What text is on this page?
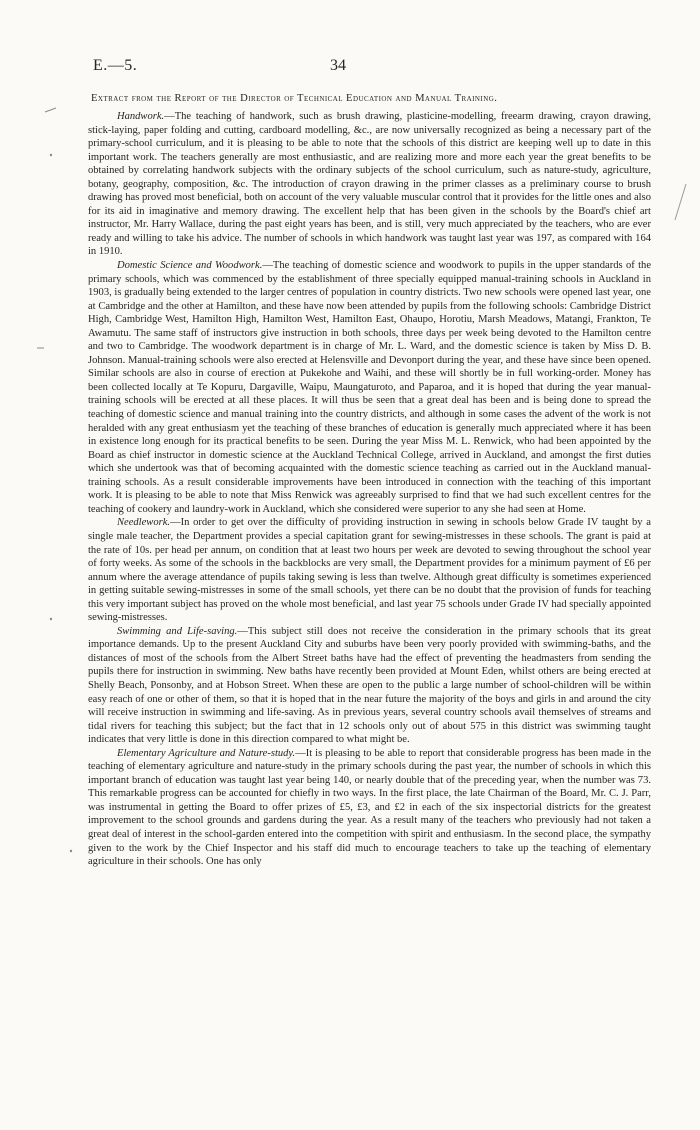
E.—5.	34
Extract from the Report of the Director of Technical Education and Manual Training.

Handwork.—The teaching of handwork, such as brush drawing, plasticine-modelling, freearm drawing, crayon drawing, stick-laying, paper folding and cutting, cardboard modelling, &c., are now universally recognized as being a necessary part of the primary-school curriculum, and it is pleasing to be able to note that the schools of this district are keeping well up to date in this important work. The teachers generally are most enthusiastic, and are realizing more and more each year the great benefits to be obtained by correlating handwork subjects with the ordinary subjects of the school curriculum, such as nature-study, agriculture, botany, geography, composition, &c. The introduction of crayon drawing in the primer classes as a preliminary course to brush drawing has proved most beneficial, both on account of the very valuable muscular control that it provides for the little ones and also for its aid in imaginative and memory drawing. The excellent help that has been given in the schools by the Board's chief art instructor, Mr. Harry Wallace, during the past eight years has been, and is still, very much appreciated by the teachers, who are ever ready and willing to take his advice. The number of schools in which handwork was taught last year was 197, as compared with 164 in 1910.

Domestic Science and Woodwork.—The teaching of domestic science and woodwork to pupils in the upper standards of the primary schools, which was commenced by the establishment of three specially equipped manual-training schools in Auckland in 1903, is gradually being extended to the larger centres of population in country districts. Two new schools were opened last year, one at Cambridge and the other at Hamilton, and these have now been attended by pupils from the following schools: Cambridge District High, Cambridge West, Hamilton High, Hamilton West, Hamilton East, Ohaupo, Horotiu, Marsh Meadows, Matangi, Frankton, Te Awamutu. The same staff of instructors give instruction in both schools, three days per week being devoted to the Hamilton centre and two to Cambridge. The woodwork department is in charge of Mr. L. Ward, and the domestic science is taken by Miss D. B. Johnson. Manual-training schools were also erected at Helensville and Devonport during the year, and these have since been opened. Similar schools are also in course of erection at Pukekohe and Waihi, and these will shortly be in full working-order. Money has been collected locally at Te Kopuru, Dargaville, Waipu, Maungaturoto, and Paparoa, and it is hoped that during the year manual-training schools will be erected at all these places. It will thus be seen that a great deal has been and is being done to spread the teaching of domestic science and manual training into the country districts, and although in some cases the advent of the work is not heralded with any great enthusiasm yet the teaching of these branches of education is generally much appreciated where it has been in existence long enough for its practical benefits to be seen. During the year Miss M. L. Renwick, who had been appointed by the Board as chief instructor in domestic science at the Auckland Technical College, arrived in Auckland, and amongst the first duties which she undertook was that of becoming acquainted with the domestic science teaching as carried out in the Auckland manual-training schools. As a result considerable improvements have been introduced in connection with the teaching of this important work. It is pleasing to be able to note that Miss Renwick was agreeably surprised to find that we had such excellent centres for the teaching of cookery and laundry-work in Auckland, which she considered were superior to any she had seen at Home.

Needlework.—In order to get over the difficulty of providing instruction in sewing in schools below Grade IV taught by a single male teacher, the Department provides a special capitation grant for sewing-mistresses in these schools. The grant is paid at the rate of 10s. per head per annum, on condition that at least two hours per week are devoted to sewing throughout the school year of forty weeks. As some of the schools in the backblocks are very small, the Department provides for a minimum payment of £6 per annum where the average attendance of pupils taking sewing is less than twelve. Although great difficulty is sometimes experienced in getting suitable sewing-mistresses in some of the small schools, yet there can be no doubt that the provision of funds for teaching this very important subject has proved on the whole most beneficial, and last year 75 schools under Grade IV had specially appointed sewing-mistresses.

Swimming and Life-saving.—This subject still does not receive the consideration in the primary schools that its great importance demands. Up to the present Auckland City and suburbs have been very poorly provided with swimming-baths, and the distances of most of the schools from the Albert Street baths have had the effect of preventing the headmasters from sending the pupils there for instruction in swimming. New baths have recently been provided at Mount Eden, whilst others are being erected at Shelly Beach, Ponsonby, and at Hobson Street. When these are open to the public a large number of school-children will be within easy reach of one or other of them, so that it is hoped that in the near future the majority of the boys and girls in and around the city will receive instruction in swimming and life-saving. As in previous years, several country schools avail themselves of streams and tidal rivers for teaching this subject; but the fact that in 12 schools only out of about 575 in this district was swimming taught indicates that very little is done in this direction compared to what might be.

Elementary Agriculture and Nature-study.—It is pleasing to be able to report that considerable progress has been made in the teaching of elementary agriculture and nature-study in the primary schools during the past year, the number of schools in which this important branch of education was taught last year being 140, or nearly double that of the preceding year, when the number was 73. This remarkable progress can be accounted for chiefly in two ways. In the first place, the late Chairman of the Board, Mr. C. J. Parr, was instrumental in getting the Board to offer prizes of £5, £3, and £2 in each of the six inspectorial districts for the greatest improvement to the school grounds and gardens during the year. As a result many of the teachers who previously had not taken a great deal of interest in the school-garden entered into the competition with spirit and enthusiasm. In the second place, the sympathy given to the work by the Chief Inspector and his staff did much to encourage teachers to take up the teaching of elementary agriculture in their schools. One has only
